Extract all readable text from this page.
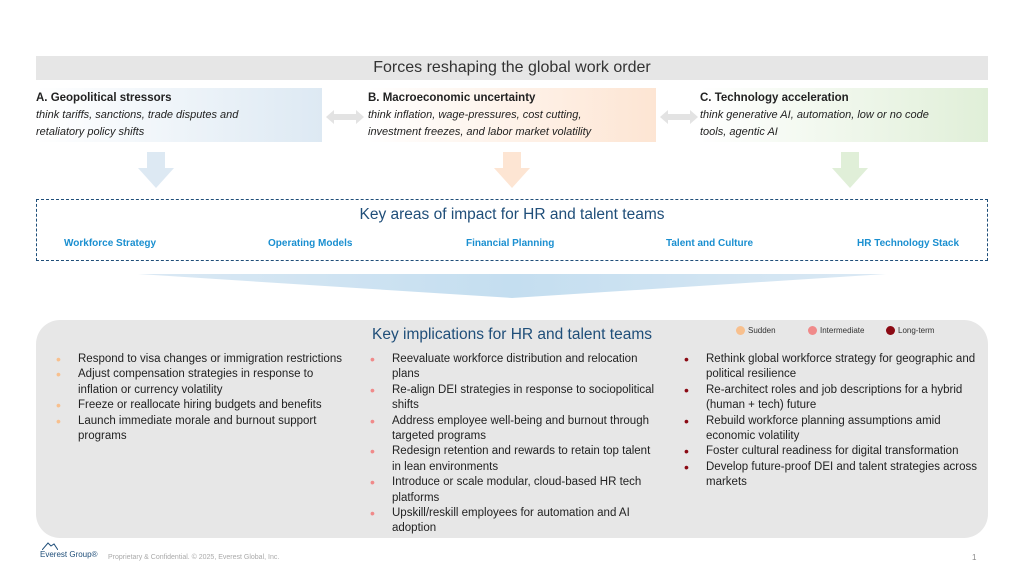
Forces reshaping the global work order
A. Geopolitical stressors
think tariffs, sanctions, trade disputes and
retaliatory policy shifts
B. Macroeconomic uncertainty
think inflation, wage-pressures, cost cutting,
investment freezes, and labor market volatility
C. Technology acceleration
think generative AI, automation, low or no code
tools, agentic AI
Key areas of impact for HR and talent teams
Workforce Strategy	Operating Models	Financial Planning	Talent and Culture	HR Technology Stack
Key implications for HR and talent teams	Sudden	Intermediate	Long-term
• Respond to visa changes or immigration restrictions
• Adjust compensation strategies in response to inflation or currency volatility
• Freeze or reallocate hiring budgets and benefits
• Launch immediate morale and burnout support programs
• Reevaluate workforce distribution and relocation plans
• Re-align DEI strategies in response to sociopolitical shifts
• Address employee well-being and burnout through targeted programs
• Redesign retention and rewards to retain top talent in lean environments
• Introduce or scale modular, cloud-based HR tech platforms
• Upskill/reskill employees for automation and AI adoption
• Rethink global workforce strategy for geographic and political resilience
• Re-architect roles and job descriptions for a hybrid (human + tech) future
• Rebuild workforce planning assumptions amid economic volatility
• Foster cultural readiness for digital transformation
• Develop future-proof DEI and talent strategies across markets
Everest Group® Proprietary & Confidential. © 2025, Everest Global, Inc.	1
